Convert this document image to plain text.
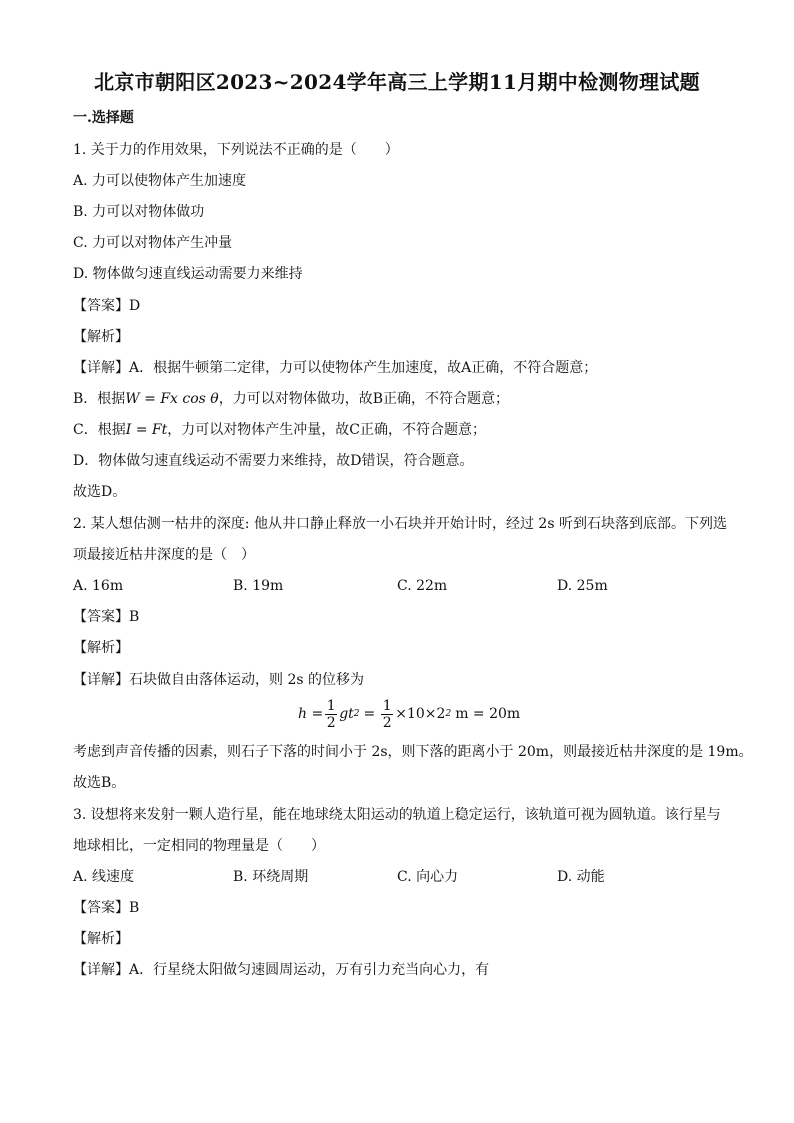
北京市朝阳区2023~2024学年高三上学期11月期中检测物理试题
一.选择题
1. 关于力的作用效果，下列说法不正确的是（　　）
A. 力可以使物体产生加速度
B. 力可以对物体做功
C. 力可以对物体产生冲量
D. 物体做匀速直线运动需要力来维持
【答案】D
【解析】
【详解】A．根据牛顿第二定律，力可以使物体产生加速度，故A正确，不符合题意；
B．根据W = Fx cos θ，力可以对物体做功，故B正确，不符合题意；
C．根据I = Ft，力可以对物体产生冲量，故C正确，不符合题意；
D．物体做匀速直线运动不需要力来维持，故D错误，符合题意。
故选D。
2. 某人想估测一枯井的深度: 他从井口静止释放一小石块并开始计时，经过 2s 听到石块落到底部。下列选
项最接近枯井深度的是（　）
A. 16m	B. 19m	C. 22m	D. 25m
【答案】B
【解析】
【详解】石块做自由落体运动，则 2s 的位移为
$h = \frac{1}{2}$ gt $2 = \frac{1}{2} \times 10\times 2$ 2 m = 20m
考虑到声音传播的因素，则石子下落的时间小于 2s，则下落的距离小于 20m，则最接近枯井深度的是 19m。
故选B。
3. 设想将来发射一颗人造行星，能在地球绕太阳运动的轨道上稳定运行，该轨道可视为圆轨道。该行星与
地球相比，一定相同的物理量是（　　）
A. 线速度	B. 环绕周期	C. 向心力	D. 动能
【答案】B
【解析】
【详解】A．行星绕太阳做匀速圆周运动，万有引力充当向心力，有
